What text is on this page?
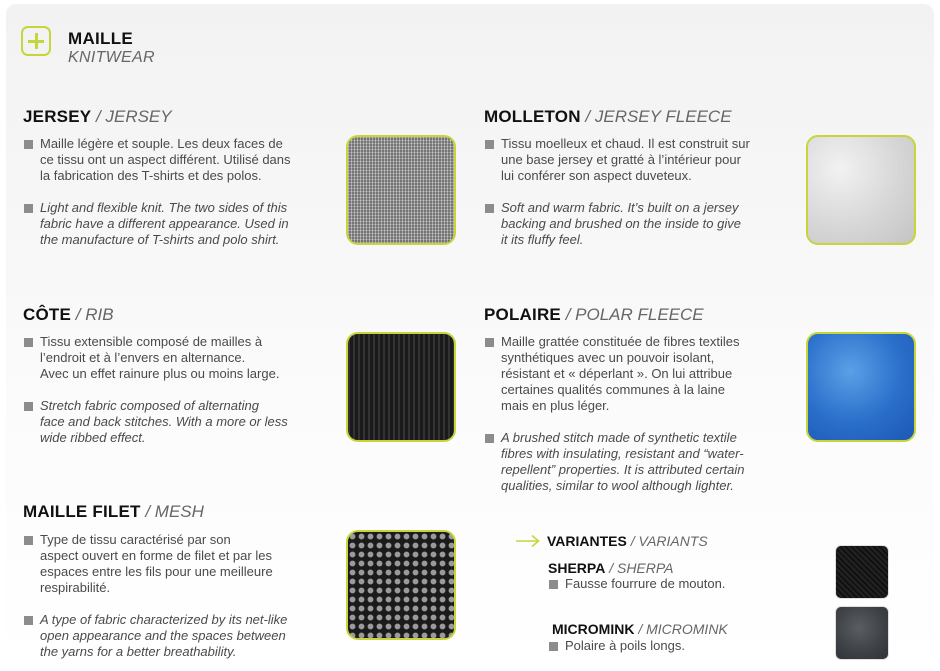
MAILLE
KNITWEAR
JERSEY / JERSEY
Maille légère et souple. Les deux faces de
ce tissu ont un aspect différent. Utilisé dans
la fabrication des T-shirts et des polos.
Light and flexible knit. The two sides of this
fabric have a different appearance. Used in
the manufacture of T-shirts and polo shirt.
MOLLETON / JERSEY FLEECE
Tissu moelleux et chaud. Il est construit sur
une base jersey et gratté à l’intérieur pour
lui conférer son aspect duveteux.
Soft and warm fabric. It’s built on a jersey
backing and brushed on the inside to give
it its fluffy feel.
CÔTE / RIB
Tissu extensible composé de mailles à
l’endroit et à l’envers en alternance.
Avec un effet rainure plus ou moins large.
Stretch fabric composed of alternating
face and back stitches. With a more or less
wide ribbed effect.
POLAIRE / POLAR FLEECE
Maille grattée constituée de fibres textiles
synthétiques avec un pouvoir isolant,
résistant et « déperlant ». On lui attribue
certaines qualités communes à la laine
mais en plus léger.
A brushed stitch made of synthetic textile
fibres with insulating, resistant and “water-
repellent” properties. It is attributed certain
qualities, similar to wool although lighter.
MAILLE FILET / MESH
Type de tissu caractérisé par son
aspect ouvert en forme de filet et par les
espaces entre les fils pour une meilleure
respirabilité.
A type of fabric characterized by its net-like
open appearance and the spaces between
the yarns for a better breathability.
VARIANTES / VARIANTS
SHERPA / SHERPA
Fausse fourrure de mouton.
MICROMINK / MICROMINK
Polaire à poils longs.
